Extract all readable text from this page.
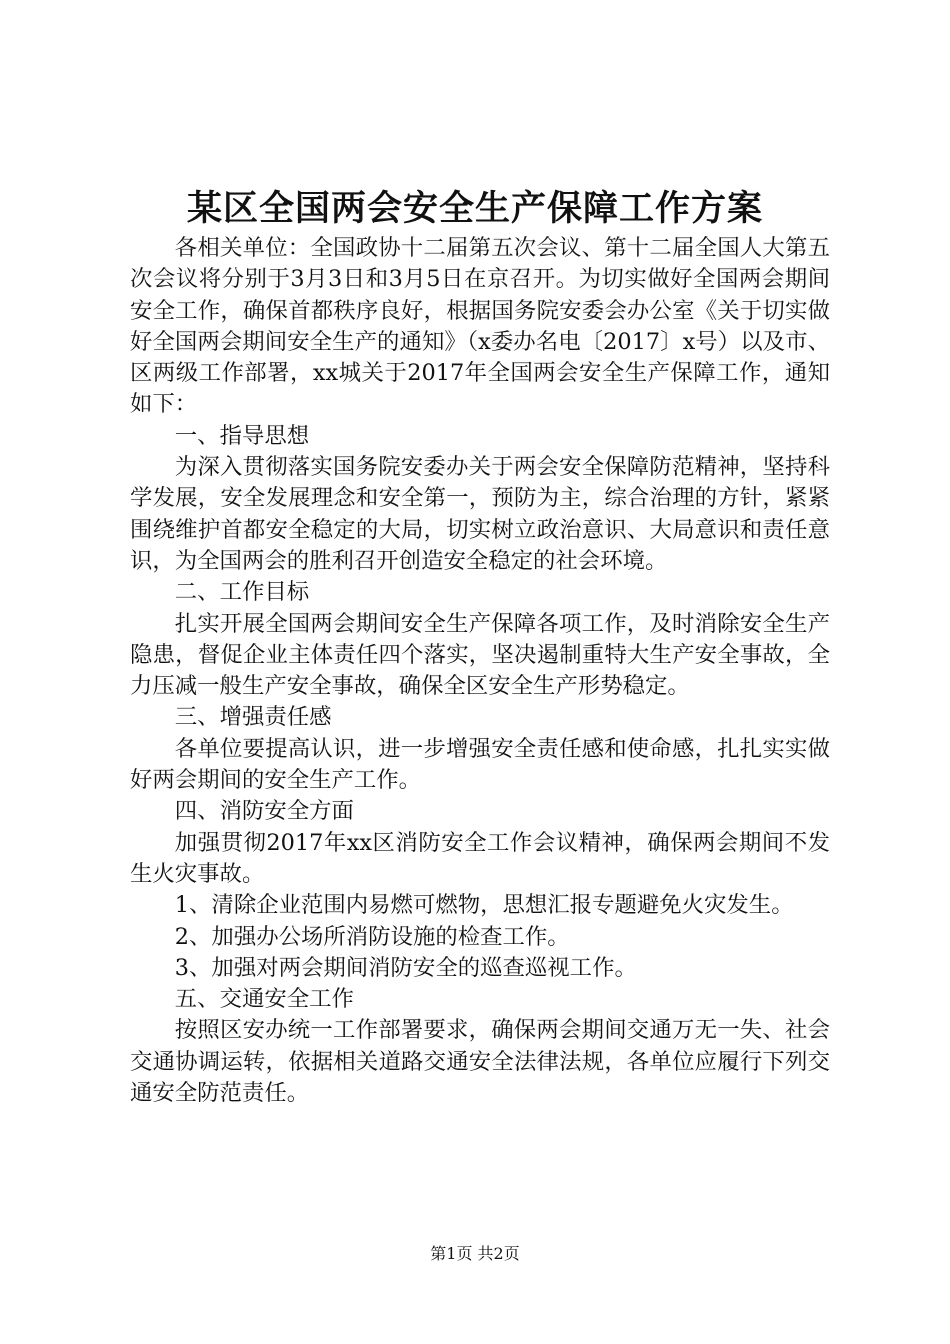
某区全国两会安全生产保障工作方案

各相关单位：全国政协十二届第五次会议、第十二届全国人大第五次会议将分别于3月3日和3月5日在京召开。为切实做好全国两会期间安全工作，确保首都秩序良好，根据国务院安委会办公室《关于切实做好全国两会期间安全生产的通知》（x委办名电〔2017〕x号）以及市、区两级工作部署，xx城关于2017年全国两会安全生产保障工作，通知如下：

一、指导思想

为深入贯彻落实国务院安委办关于两会安全保障防范精神，坚持科学发展，安全发展理念和安全第一，预防为主，综合治理的方针，紧紧围绕维护首都安全稳定的大局，切实树立政治意识、大局意识和责任意识，为全国两会的胜利召开创造安全稳定的社会环境。

二、工作目标

扎实开展全国两会期间安全生产保障各项工作，及时消除安全生产隐患，督促企业主体责任四个落实，坚决遏制重特大生产安全事故，全力压减一般生产安全事故，确保全区安全生产形势稳定。

三、增强责任感

各单位要提高认识，进一步增强安全责任感和使命感，扎扎实实做好两会期间的安全生产工作。

四、消防安全方面

加强贯彻2017年xx区消防安全工作会议精神，确保两会期间不发生火灾事故。

1、清除企业范围内易燃可燃物，思想汇报专题避免火灾发生。

2、加强办公场所消防设施的检查工作。

3、加强对两会期间消防安全的巡查巡视工作。

五、交通安全工作

按照区安办统一工作部署要求，确保两会期间交通万无一失、社会交通协调运转，依据相关道路交通安全法律法规，各单位应履行下列交通安全防范责任。

第1页 共2页
